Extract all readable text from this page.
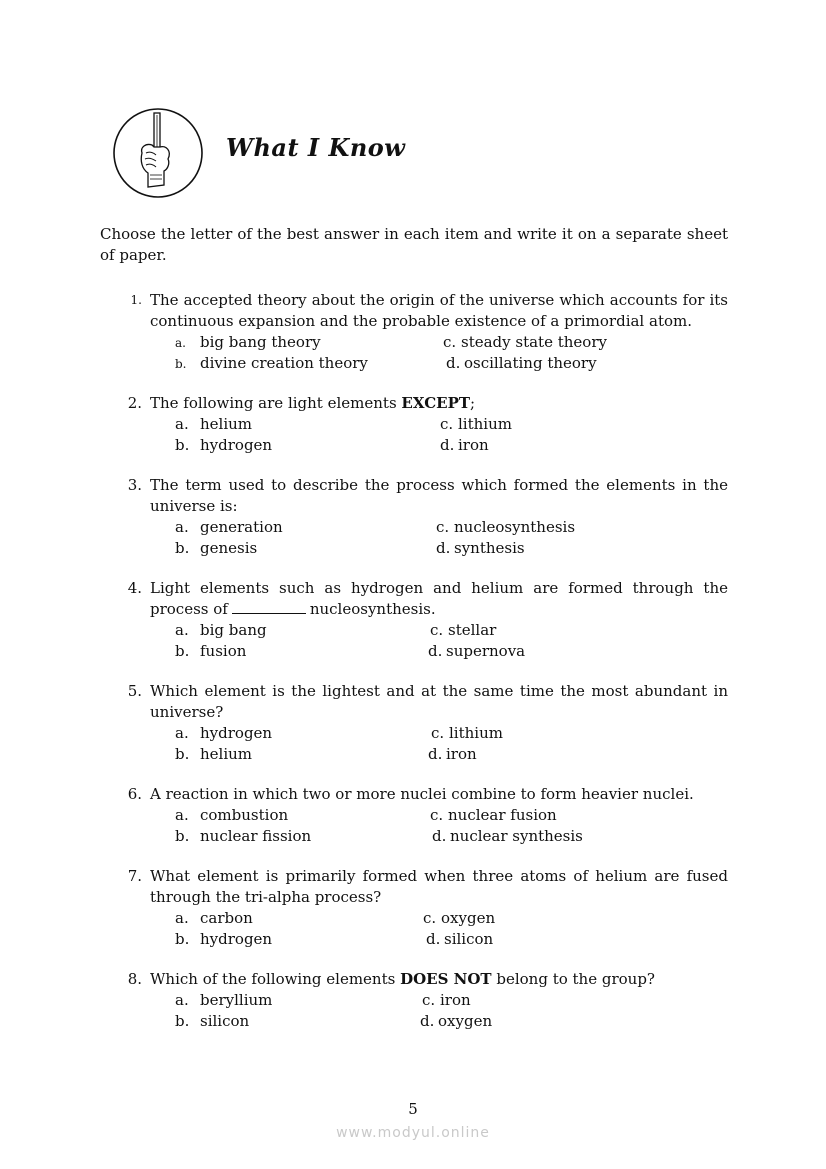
What I Know

Choose the letter of the best answer in each item and write it on a separate sheet of paper.

1. The accepted theory about the origin of the universe which accounts for its continuous expansion and the probable existence of a primordial atom.
a. big bang theory
b. divine creation theory
c. steady state theory
d. oscillating theory
2. The following are light elements EXCEPT;
a. helium
b. hydrogen
c. lithium
d. iron
3. The term used to describe the process which formed the elements in the universe is:
a. generation
b. genesis
c. nucleosynthesis
d. synthesis
4. Light elements such as hydrogen and helium are formed through the process of	nucleosynthesis.
a. big bang
b. fusion
c. stellar
d. supernova
5. Which element is the lightest and at the same time the most abundant in universe?
a. hydrogen
b. helium
c. lithium
d. iron
6. A reaction in which two or more nuclei combine to form heavier nuclei.
a. combustion
b. nuclear fission
c. nuclear fusion
d. nuclear synthesis
7. What element is primarily formed when three atoms of helium are fused through the tri-alpha process?
a. carbon
b. hydrogen
c. oxygen
d. silicon
8. Which of the following elements DOES NOT belong to the group?
a. beryllium
b. silicon
c. iron
d. oxygen
5
www.modyul.online
